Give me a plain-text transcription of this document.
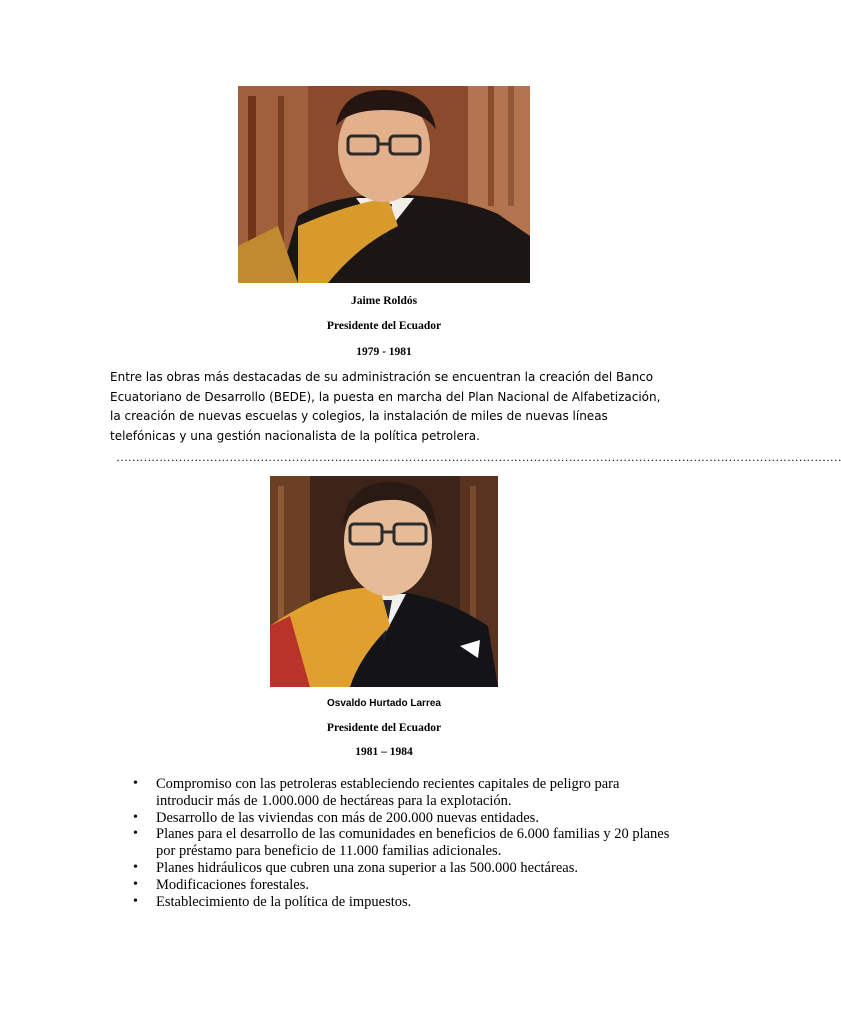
Jaime Roldós
Presidente del Ecuador
1979 - 1981
Entre las obras más destacadas de su administración se encuentran la creación del Banco Ecuatoriano de Desarrollo (BEDE), la puesta en marcha del Plan Nacional de Alfabetización, la creación de nuevas escuelas y colegios, la instalación de miles de nuevas líneas telefónicas y una gestión nacionalista de la política petrolera.
……………………………………………………………………………………………………………………………………………………………………
Osvaldo Hurtado Larrea
Presidente del Ecuador
1981 – 1984
• Compromiso con las petroleras estableciendo recientes capitales de peligro para introducir más de 1.000.000 de hectáreas para la explotación.
• Desarrollo de las viviendas con más de 200.000 nuevas entidades.
• Planes para el desarrollo de las comunidades en beneficios de 6.000 familias y 20 planes por préstamo para beneficio de 11.000 familias adicionales.
• Planes hidráulicos que cubren una zona superior a las 500.000 hectáreas.
• Modificaciones forestales.
• Establecimiento de la política de impuestos.
